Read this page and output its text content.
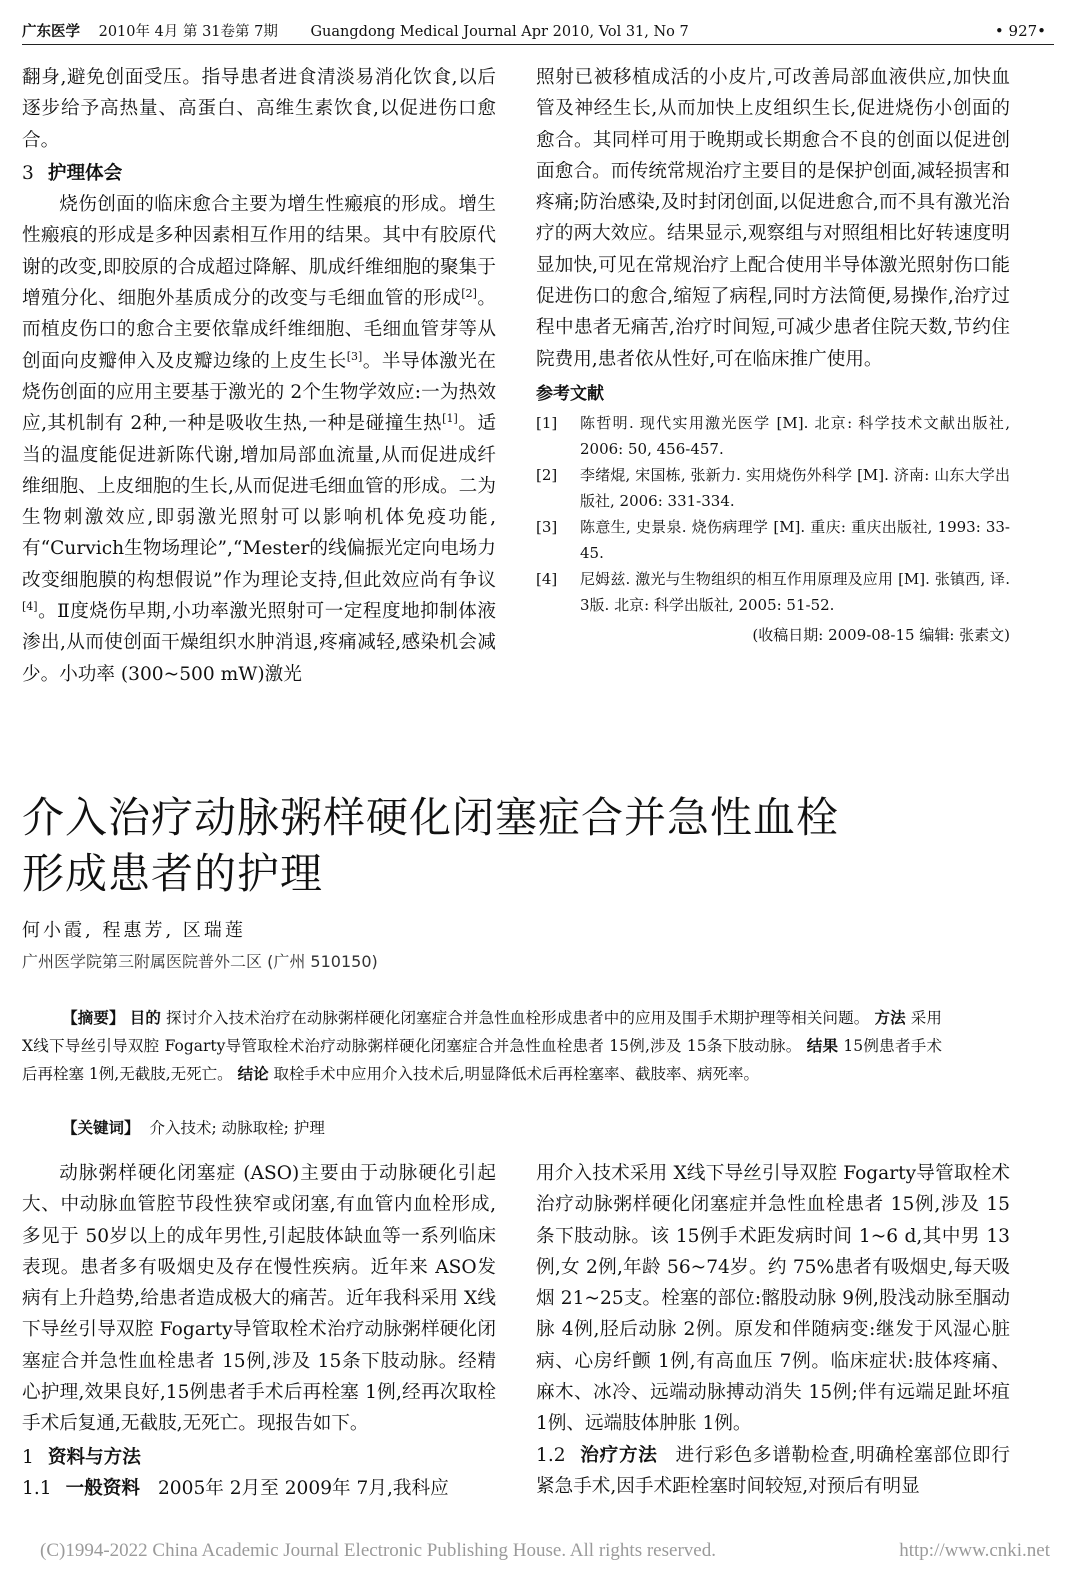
广东医学 2010年 4月 第 31卷第 7期 Guangdong Medical Journal Apr 2010, Vol 31, No 7	• 927•

翻身,避免创面受压。指导患者进食清淡易消化饮食,以后逐步给予高热量、高蛋白、高维生素饮食,以促进伤口愈合。

3 护理体会

烧伤创面的临床愈合主要为增生性瘢痕的形成。增生性瘢痕的形成是多种因素相互作用的结果。其中有胶原代谢的改变,即胶原的合成超过降解、肌成纤维细胞的聚集于增殖分化、细胞外基质成分的改变与毛细血管的形成[2]。而植皮伤口的愈合主要依靠成纤维细胞、毛细血管芽等从创面向皮瓣伸入及皮瓣边缘的上皮生长[3]。半导体激光在烧伤创面的应用主要基于激光的 2个生物学效应:一为热效应,其机制有 2种,一种是吸收生热,一种是碰撞生热[1]。适当的温度能促进新陈代谢,增加局部血流量,从而促进成纤维细胞、上皮细胞的生长,从而促进毛细血管的形成。二为生物刺激效应,即弱激光照射可以影响机体免疫功能,有“Curvich生物场理论”,“Mester的线偏振光定向电场力改变细胞膜的构想假说”作为理论支持,但此效应尚有争议[4]。Ⅱ度烧伤早期,小功率激光照射可一定程度地抑制体液渗出,从而使创面干燥组织水肿消退,疼痛减轻,感染机会减少。小功率 (300~500 mW)激光

照射已被移植成活的小皮片,可改善局部血液供应,加快血管及神经生长,从而加快上皮组织生长,促进烧伤小创面的愈合。其同样可用于晚期或长期愈合不良的创面以促进创面愈合。而传统常规治疗主要目的是保护创面,减轻损害和疼痛;防治感染,及时封闭创面,以促进愈合,而不具有激光治疗的两大效应。结果显示,观察组与对照组相比好转速度明显加快,可见在常规治疗上配合使用半导体激光照射伤口能促进伤口的愈合,缩短了病程,同时方法简便,易操作,治疗过程中患者无痛苦,治疗时间短,可减少患者住院天数,节约住院费用,患者依从性好,可在临床推广使用。

参考文献
[1]	陈哲明. 现代实用激光医学 [M]. 北京: 科学技术文献出版社, 2006: 50, 456-457.
[2]	李绪焜, 宋国栋, 张新力. 实用烧伤外科学 [M]. 济南: 山东大学出版社, 2006: 331-334.
[3]	陈意生, 史景泉. 烧伤病理学 [M]. 重庆: 重庆出版社, 1993: 33-45.
[4]	尼姆兹. 激光与生物组织的相互作用原理及应用 [M]. 张镇西, 译. 3版. 北京: 科学出版社, 2005: 51-52.
(收稿日期: 2009-08-15 编辑: 张素文)
介入治疗动脉粥样硬化闭塞症合并急性血栓
形成患者的护理
何小霞, 程惠芳, 区瑞莲
广州医学院第三附属医院普外二区 (广州 510150)
【摘要】 目的 探讨介入技术治疗在动脉粥样硬化闭塞症合并急性血栓形成患者中的应用及围手术期护理等相关问题。 方法 采用 X线下导丝引导双腔 Fogarty导管取栓术治疗动脉粥样硬化闭塞症合并急性血栓患者 15例,涉及 15条下肢动脉。 结果 15例患者手术后再栓塞 1例,无截肢,无死亡。 结论 取栓手术中应用介入技术后,明显降低术后再栓塞率、截肢率、病死率。
【关键词】 介入技术; 动脉取栓; 护理

动脉粥样硬化闭塞症 (ASO)主要由于动脉硬化引起大、中动脉血管腔节段性狭窄或闭塞,有血管内血栓形成,多见于 50岁以上的成年男性,引起肢体缺血等一系列临床表现。患者多有吸烟史及存在慢性疾病。近年来 ASO发病有上升趋势,给患者造成极大的痛苦。近年我科采用 X线下导丝引导双腔 Fogarty导管取栓术治疗动脉粥样硬化闭塞症合并急性血栓患者 15例,涉及 15条下肢动脉。经精心护理,效果良好,15例患者手术后再栓塞 1例,经再次取栓手术后复通,无截肢,无死亡。现报告如下。

1 资料与方法

1.1 一般资料 2005年 2月至 2009年 7月,我科应

用介入技术采用 X线下导丝引导双腔 Fogarty导管取栓术治疗动脉粥样硬化闭塞症并急性血栓患者 15例,涉及 15条下肢动脉。该 15例手术距发病时间 1~6 d,其中男 13例,女 2例,年龄 56~74岁。约 75%患者有吸烟史,每天吸烟 21~25支。栓塞的部位:髂股动脉 9例,股浅动脉至腘动脉 4例,胫后动脉 2例。原发和伴随病变:继发于风湿心脏病、心房纤颤 1例,有高血压 7例。临床症状:肢体疼痛、麻木、冰冷、远端动脉搏动消失 15例;伴有远端足趾坏疽 1例、远端肢体肿胀 1例。

1.2 治疗方法 进行彩色多谱勒检查,明确栓塞部位即行紧急手术,因手术距栓塞时间较短,对预后有明显

(C)1994-2022 China Academic Journal Electronic Publishing House. All rights reserved.	http://www.cnki.net
